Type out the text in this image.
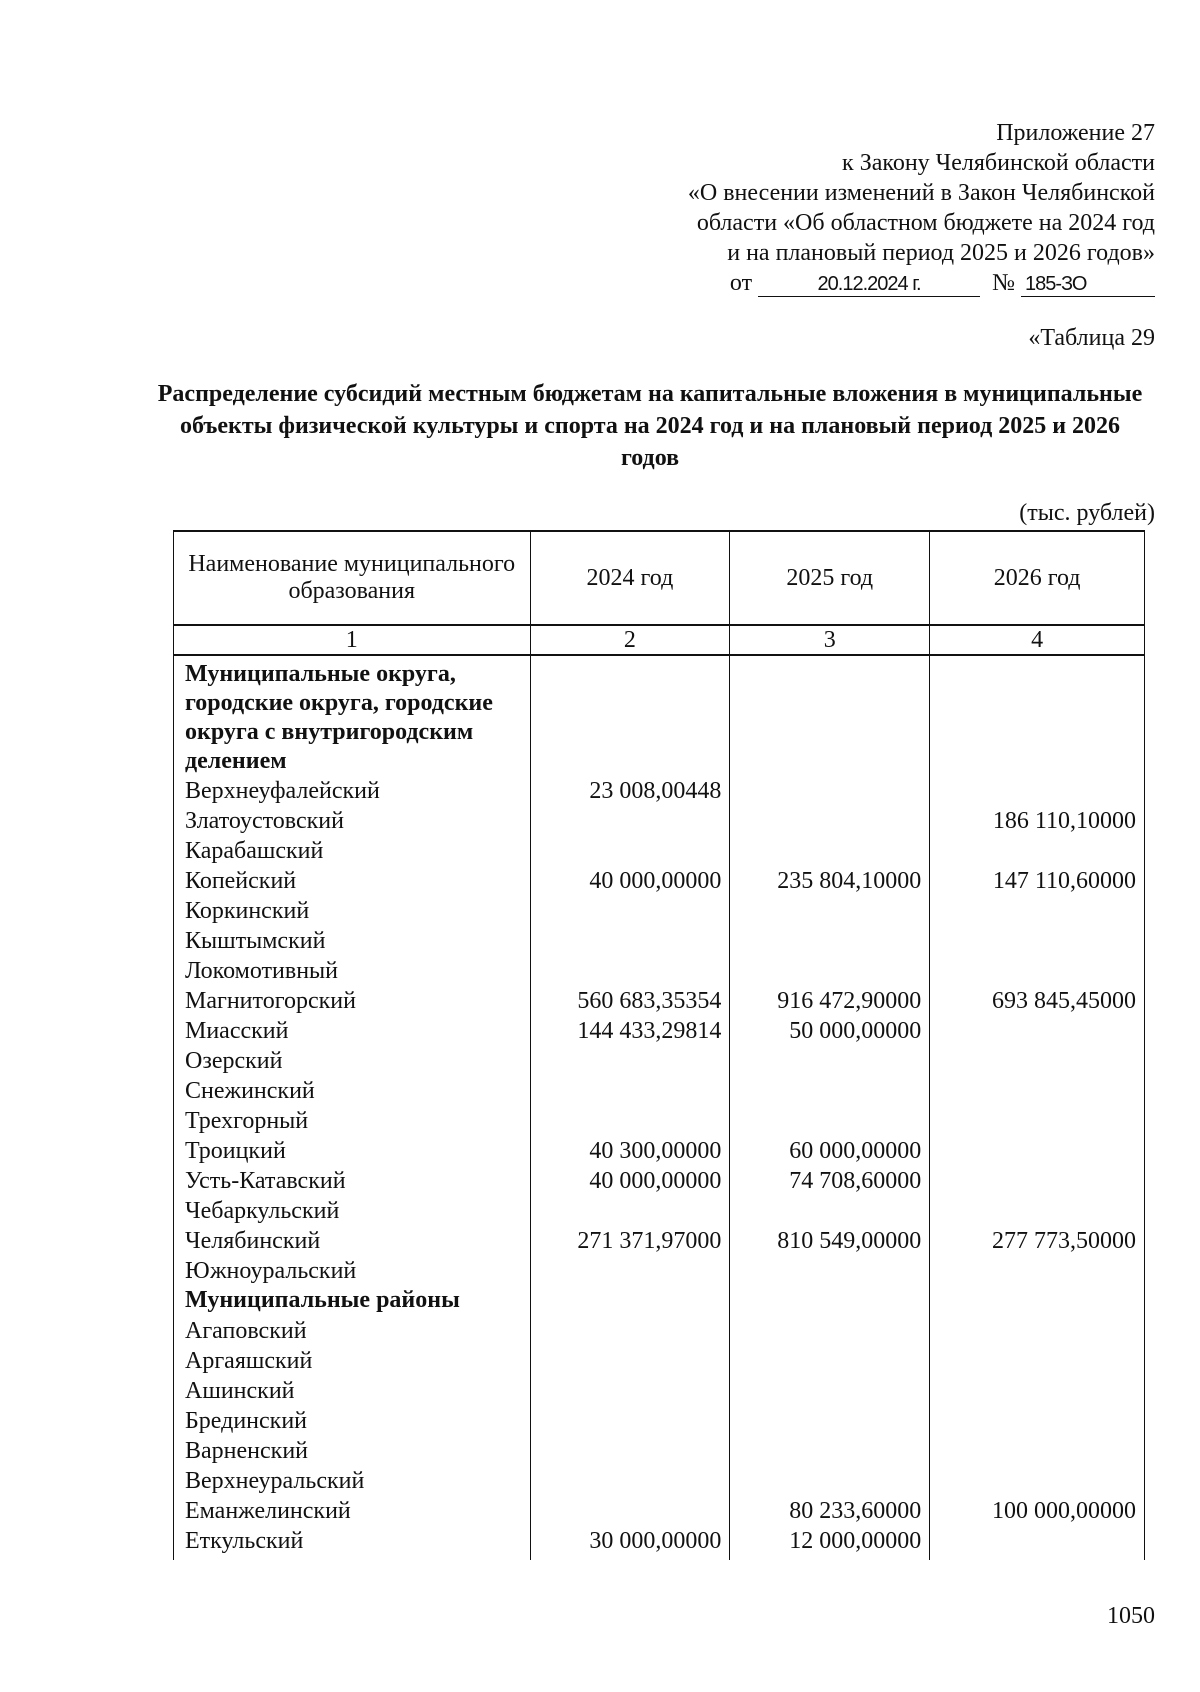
Приложение 27
к Закону Челябинской области
«О внесении изменений в Закон Челябинской
области «Об областном бюджете на 2024 год
и на плановый период 2025 и 2026 годов»
от	20.12.2024 г.	№ 185-ЗО
«Таблица 29
Распределение субсидий местным бюджетам на капитальные вложения в муниципальные объекты физической культуры и спорта на 2024 год и на плановый период 2025 и 2026 годов
(тыс. рублей)
Наименование муниципального образования	2024 год	2025 год	2026 год
1	2	3	4
Муниципальные округа, городские округа, городские округа с внутригородским делением			
Верхнеуфалейский	23 008,00448		
Златоустовский			186 110,10000
Карабашский			
Копейский	40 000,00000	235 804,10000	147 110,60000
Коркинский			
Кыштымский			
Локомотивный			
Магнитогорский	560 683,35354	916 472,90000	693 845,45000
Миасский	144 433,29814	50 000,00000	
Озерский			
Снежинский			
Трехгорный			
Троицкий	40 300,00000	60 000,00000	
Усть-Катавский	40 000,00000	74 708,60000	
Чебаркульский			
Челябинский	271 371,97000	810 549,00000	277 773,50000
Южноуральский			
Муниципальные районы			
Агаповский			
Аргаяшский			
Ашинский			
Брединский			
Варненский			
Верхнеуральский			
Еманжелинский		80 233,60000	100 000,00000
Еткульский	30 000,00000	12 000,00000	
1050
